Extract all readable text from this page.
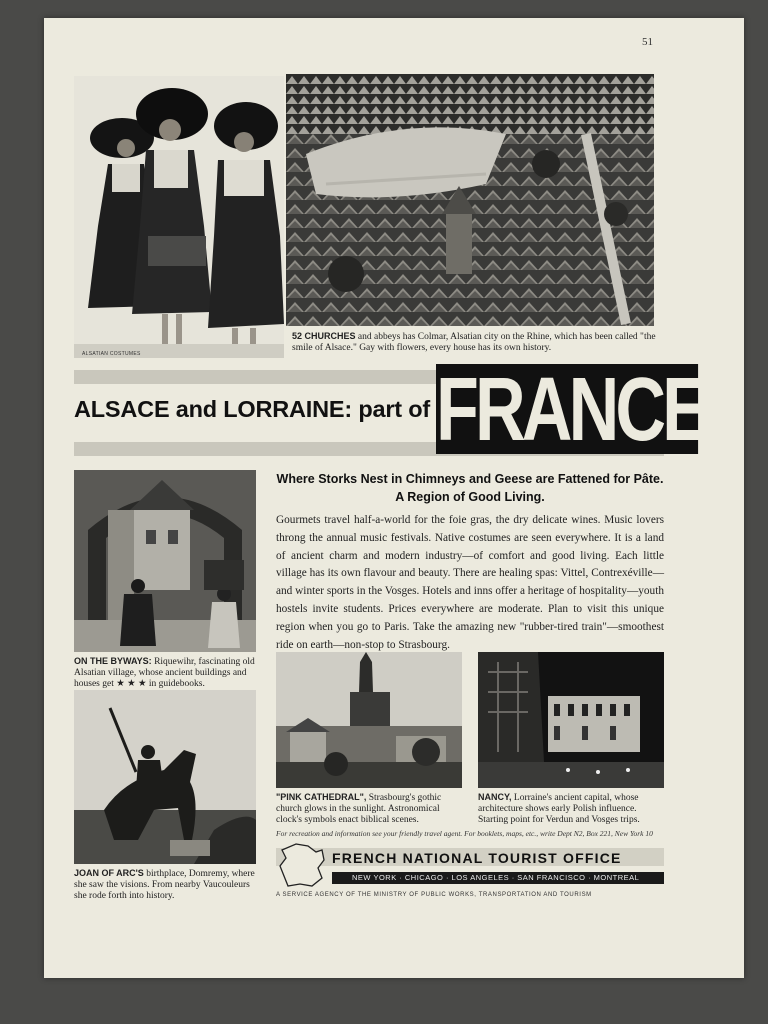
51
ALSATIAN COSTUMES
52 CHURCHES and abbeys has Colmar, Alsatian city on the Rhine, which has been called "the smile of Alsace." Gay with flowers, every house has its own history.
ALSACE and LORRAINE: part of FRANCE
ON THE BYWAYS: Riquewihr, fascinating old Alsatian village, whose ancient buildings and houses get ★ ★ ★ in guidebooks.
JOAN OF ARC'S birthplace, Domremy, where she saw the visions. From nearby Vaucouleurs she rode forth into history.
Where Storks Nest in Chimneys and Geese are Fattened for Pâte. A Region of Good Living.

Gourmets travel half-a-world for the foie gras, the dry delicate wines. Music lovers throng the annual music festivals. Native costumes are seen everywhere. It is a land of ancient charm and modern industry—of comfort and good living. Each little village has its own flavour and beauty. There are healing spas: Vittel, Contrexéville—and winter sports in the Vosges. Hotels and inns offer a heritage of hospitality—youth hostels invite students. Prices everywhere are moderate. Plan to visit this unique region when you go to Paris. Take the amazing new "rubber-tired train"—smoothest ride on earth—non-stop to Strasbourg.

"PINK CATHEDRAL", Strasbourg's gothic church glows in the sunlight. Astronomical clock's symbols enact biblical scenes.
NANCY, Lorraine's ancient capital, whose architecture shows early Polish influence. Starting point for Verdun and Vosges trips.
For recreation and information see your friendly travel agent. For booklets, maps, etc., write Dept N2, Box 221, New York 10
FRENCH NATIONAL TOURIST OFFICE
NEW YORK · CHICAGO · LOS ANGELES · SAN FRANCISCO · MONTREAL
A SERVICE AGENCY OF THE MINISTRY OF PUBLIC WORKS, TRANSPORTATION AND TOURISM
